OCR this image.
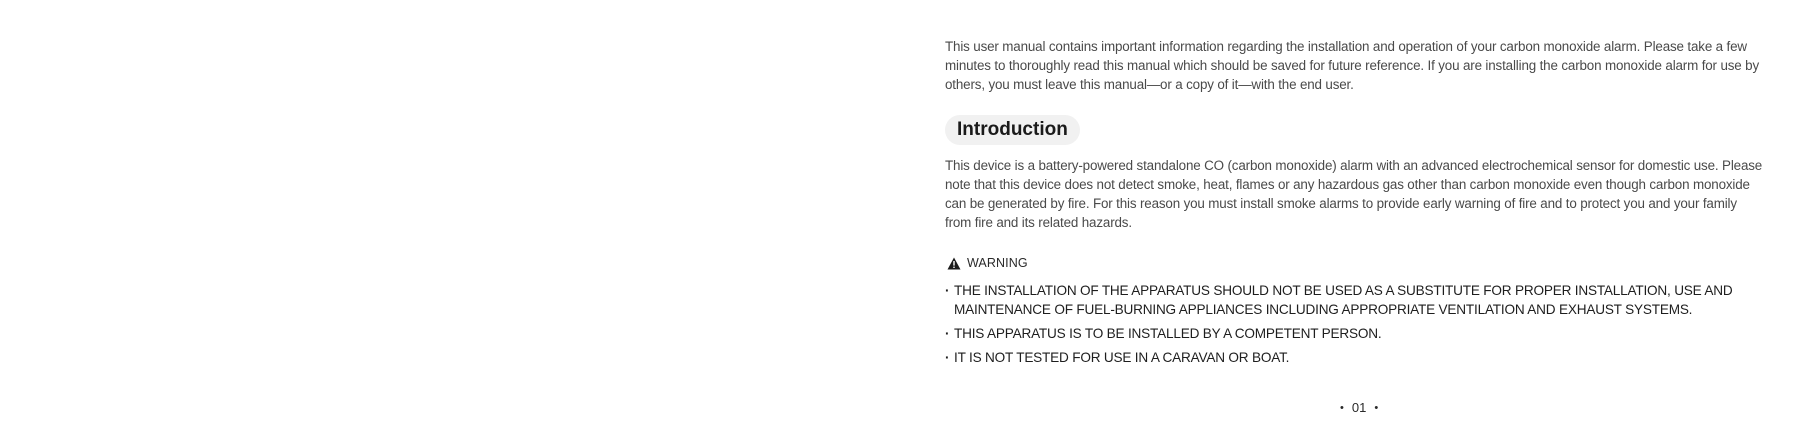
This user manual contains important information regarding the installation and operation of your carbon monoxide alarm. Please take a few minutes to thoroughly read this manual which should be saved for future reference. If you are installing the carbon monoxide alarm for use by others, you must leave this manual—or a copy of it—with the end user.

Introduction

This device is a battery-powered standalone CO (carbon monoxide) alarm with an advanced electrochemical sensor for domestic use. Please note that this device does not detect smoke, heat, flames or any hazardous gas other than carbon monoxide even though carbon monoxide can be generated by fire. For this reason you must install smoke alarms to provide early warning of fire and to protect you and your family from fire and its related hazards.

WARNING
· THE INSTALLATION OF THE APPARATUS SHOULD NOT BE USED AS A SUBSTITUTE FOR PROPER INSTALLATION, USE AND MAINTENANCE OF FUEL-BURNING APPLIANCES INCLUDING APPROPRIATE VENTILATION AND EXHAUST SYSTEMS.
· THIS APPARATUS IS TO BE INSTALLED BY A COMPETENT PERSON.
· IT IS NOT TESTED FOR USE IN A CARAVAN OR BOAT.
• 01 •
